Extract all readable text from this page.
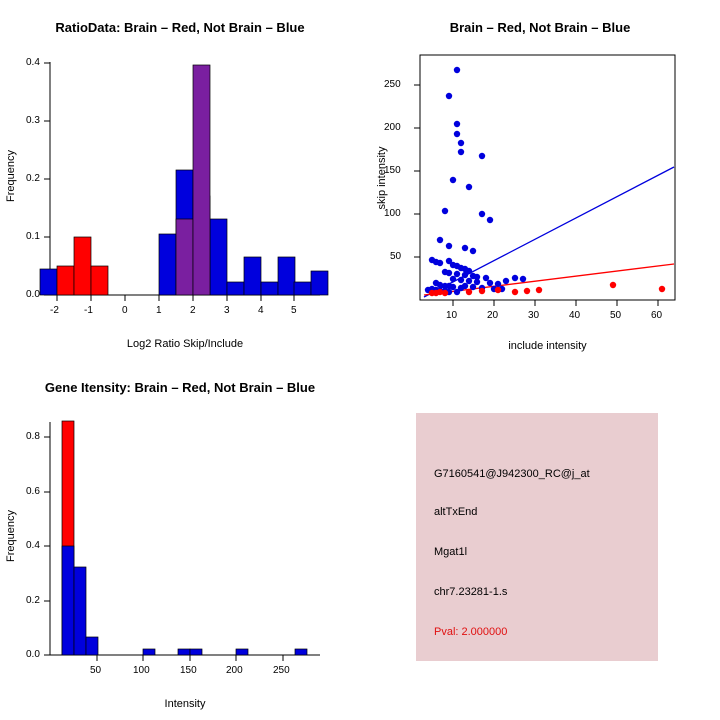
RatioData: Brain – Red, Not Brain – Blue
0.0
0.1
0.2
0.3
0.4
-2	-1	0	1	2	3	4	5
Log2 Ratio Skip/Include
Frequency
Brain – Red, Not Brain – Blue
50
100
150
200
250
10	20	30	40	50	60
include intensity
skip intensity
Gene Itensity: Brain – Red, Not Brain – Blue
0.0
0.2
0.4
0.6
0.8
50	100	150	200	250
Intensity
Frequency
G7160541@J942300_RC@j_at
altTxEnd
Mgat1l
chr7.23281-1.s
Pval: 2.000000
